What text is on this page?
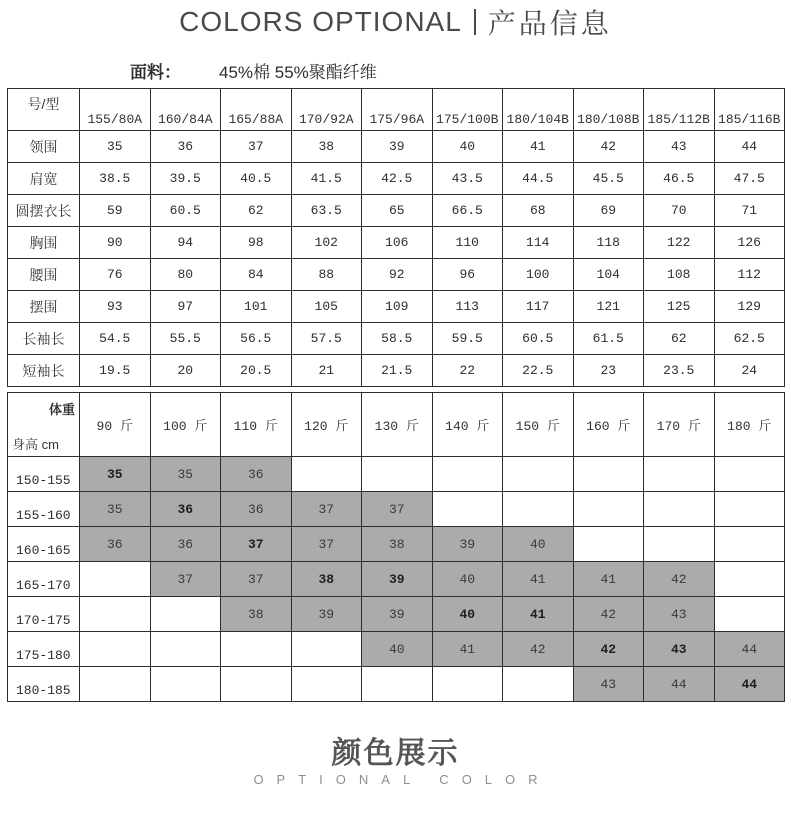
COLORS OPTIONAL 产品信息
面料： 45%棉 55%聚酯纤维
号/型	155/80A	160/84A	165/88A	170/92A	175/96A	175/100B	180/104B	180/108B	185/112B	185/116B
领围	35	36	37	38	39	40	41	42	43	44
肩宽	38.5	39.5	40.5	41.5	42.5	43.5	44.5	45.5	46.5	47.5
圆摆衣长	59	60.5	62	63.5	65	66.5	68	69	70	71
胸围	90	94	98	102	106	110	114	118	122	126
腰围	76	80	84	88	92	96	100	104	108	112
摆围	93	97	101	105	109	113	117	121	125	129
长袖长	54.5	55.5	56.5	57.5	58.5	59.5	60.5	61.5	62	62.5
短袖长	19.5	20	20.5	21	21.5	22	22.5	23	23.5	24
体重
身高 cm	90 斤	100 斤	110 斤	120 斤	130 斤	140 斤	150 斤	160 斤	170 斤	180 斤
150-155	35	35	36							
155-160	35	36	36	37	37					
160-165	36	36	37	37	38	39	40			
165-170		37	37	38	39	40	41	41	42	
170-175			38	39	39	40	41	42	43	
175-180					40	41	42	42	43	44
180-185								43	44	44
颜色展示
OPTIONAL COLOR
